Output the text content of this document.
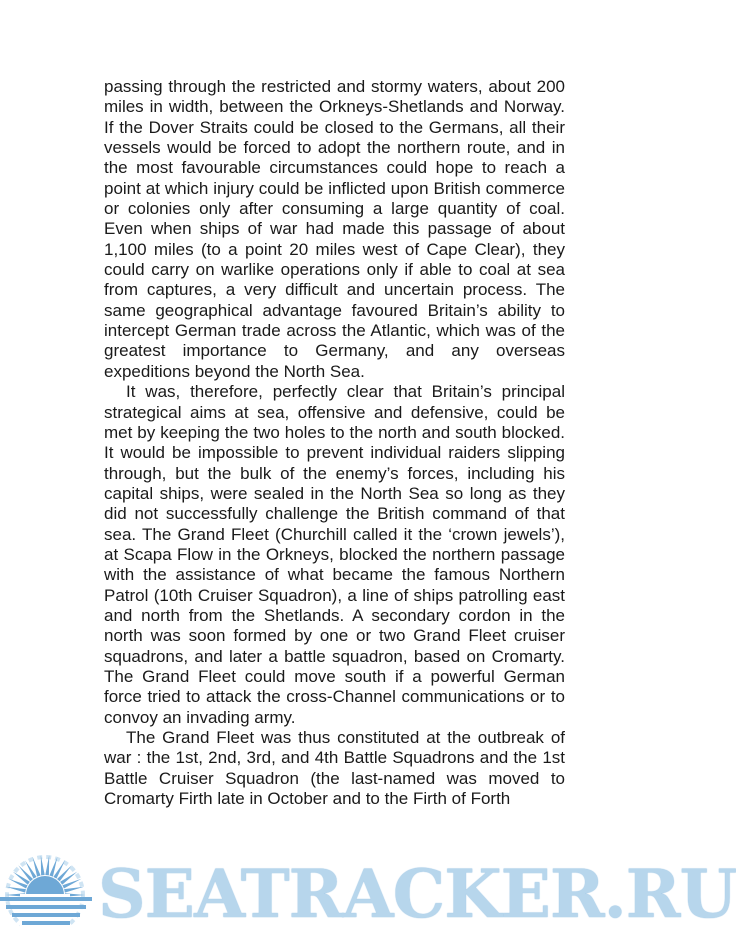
passing through the restricted and stormy waters, about 200 miles in width, between the Orkneys-Shetlands and Norway. If the Dover Straits could be closed to the Germans, all their vessels would be forced to adopt the northern route, and in the most favourable circumstances could hope to reach a point at which injury could be inflicted upon British commerce or colonies only after consuming a large quantity of coal. Even when ships of war had made this passage of about 1,100 miles (to a point 20 miles west of Cape Clear), they could carry on warlike operations only if able to coal at sea from captures, a very difficult and uncertain process. The same geographical advantage favoured Britain’s ability to intercept German trade across the Atlantic, which was of the greatest importance to Germany, and any overseas expeditions beyond the North Sea.

It was, therefore, perfectly clear that Britain’s principal strategical aims at sea, offensive and defensive, could be met by keeping the two holes to the north and south blocked. It would be impossible to prevent individual raiders slipping through, but the bulk of the enemy’s forces, including his capital ships, were sealed in the North Sea so long as they did not successfully challenge the British command of that sea. The Grand Fleet (Churchill called it the ‘crown jewels’), at Scapa Flow in the Orkneys, blocked the northern passage with the assistance of what became the famous Northern Patrol (10th Cruiser Squadron), a line of ships patrolling east and north from the Shetlands. A secondary cordon in the north was soon formed by one or two Grand Fleet cruiser squadrons, and later a battle squadron, based on Cromarty. The Grand Fleet could move south if a powerful German force tried to attack the cross-Channel communications or to convoy an invading army.

The Grand Fleet was thus constituted at the outbreak of war : the 1st, 2nd, 3rd, and 4th Battle Squadrons and the 1st Battle Cruiser Squadron (the last-named was moved to Cromarty Firth late in October and to the Firth of Forth

SEATRACKER.RU
